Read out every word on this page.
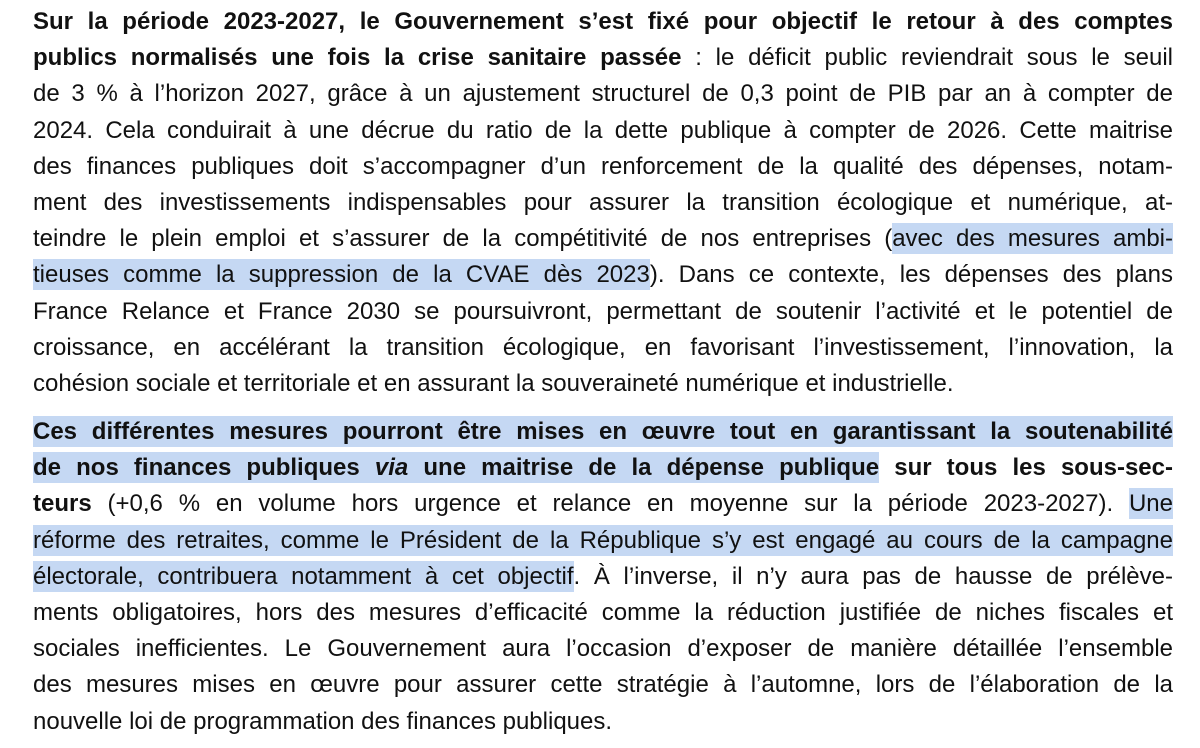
Sur la période 2023-2027, le Gouvernement s’est fixé pour objectif le retour à des comptes
publics normalisés une fois la crise sanitaire passée : le déficit public reviendrait sous le seuil
de 3 % à l’horizon 2027, grâce à un ajustement structurel de 0,3 point de PIB par an à compter de
2024. Cela conduirait à une décrue du ratio de la dette publique à compter de 2026. Cette maitrise
des finances publiques doit s’accompagner d’un renforcement de la qualité des dépenses, notam-
ment des investissements indispensables pour assurer la transition écologique et numérique, at-
teindre le plein emploi et s’assurer de la compétitivité de nos entreprises (avec des mesures ambi-
tieuses comme la suppression de la CVAE dès 2023). Dans ce contexte, les dépenses des plans
France Relance et France 2030 se poursuivront, permettant de soutenir l’activité et le potentiel de
croissance, en accélérant la transition écologique, en favorisant l’investissement, l’innovation, la
cohésion sociale et territoriale et en assurant la souveraineté numérique et industrielle.
Ces différentes mesures pourront être mises en œuvre tout en garantissant la soutenabilité
de nos finances publiques via une maitrise de la dépense publique sur tous les sous-sec-
teurs (+0,6 % en volume hors urgence et relance en moyenne sur la période 2023-2027). Une
réforme des retraites, comme le Président de la République s’y est engagé au cours de la campagne
électorale, contribuera notamment à cet objectif. À l’inverse, il n’y aura pas de hausse de prélève-
ments obligatoires, hors des mesures d’efficacité comme la réduction justifiée de niches fiscales et
sociales inefficientes. Le Gouvernement aura l’occasion d’exposer de manière détaillée l’ensemble
des mesures mises en œuvre pour assurer cette stratégie à l’automne, lors de l’élaboration de la
nouvelle loi de programmation des finances publiques.
